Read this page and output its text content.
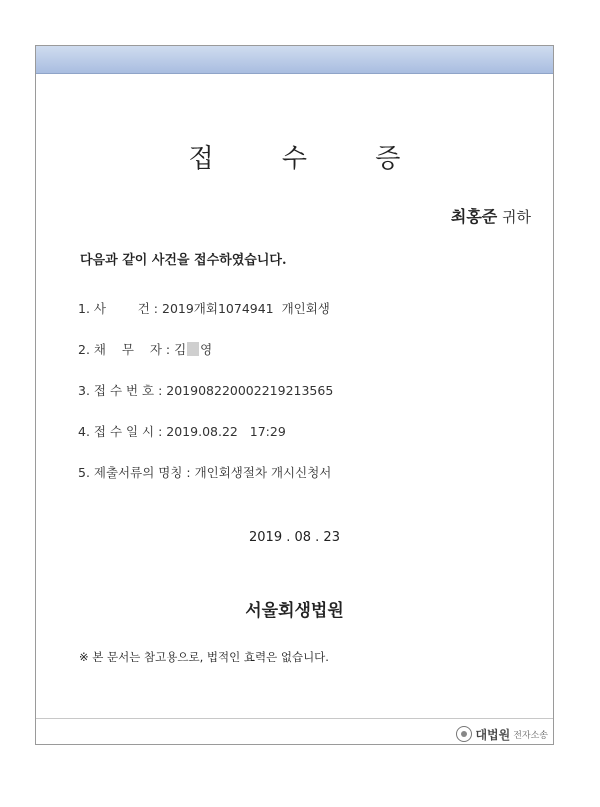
접 수 증
최홍준 귀하
다음과 같이 사건을 접수하였습니다.
1. 사        건 : 2019개회1074941  개인회생
2. 채    무    자 : 김 영
3. 접 수 번 호 : 20190822000221921356​5
4. 접 수 일 시 : 2019.08.22   17:29
5. 제출서류의 명칭 : 개인회생절차 개시신청서
2019 . 08 . 23
서울회생법원
※ 본 문서는 참고용으로, 법적인 효력은 없습니다.
대법원 전자소송
